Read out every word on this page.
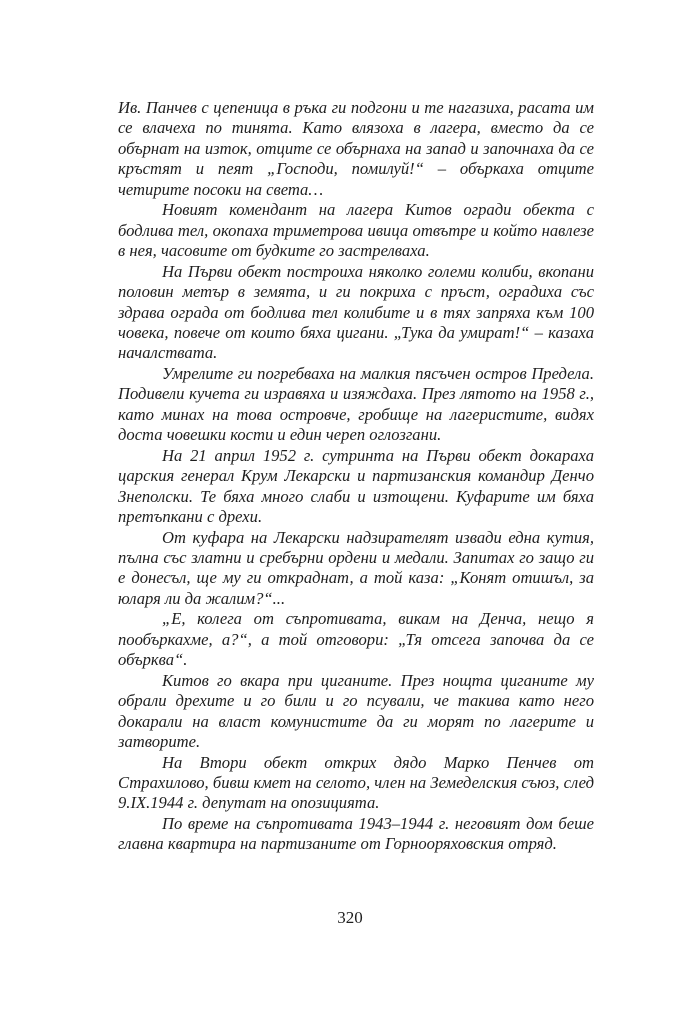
Ив. Панчев с цепеница в ръка ги подгони и те нагазиха, расата им се влачеха по тинята. Като влязоха в лагера, вместо да се обърнат на изток, отците се обърнаха на запад и започнаха да се кръстят и пеят „Господи, помилуй!“ – объркаха отците четирите посоки на света…

Новият комендант на лагера Китов огради обекта с бодлива тел, окопаха триметрова ивица отвътре и който навлезе в нея, часовите от будките го застрелваха.

На Първи обект построиха няколко големи колиби, вкопани половин метър в земята, и ги покриха с пръст, оградиха със здрава ограда от бодлива тел колибите и в тях запряха към 100 човека, повече от които бяха цигани. „Тука да умират!“ – казаха началствата.

Умрелите ги погребваха на малкия пясъчен остров Предела. Подивели кучета ги изравяха и изяждаха. През лятото на 1958 г., като минах на това островче, гробище на лагеристите, видях доста човешки кости и един череп оглозгани.

На 21 април 1952 г. сутринта на Първи обект докараха царския генерал Крум Лекарски и партизанския командир Денчо Знеполски. Те бяха много слаби и изтощени. Куфарите им бяха претъпкани с дрехи.

От куфара на Лекарски надзирателят извади една кутия, пълна със златни и сребърни ордени и медали. Запитах го защо ги е донесъл, ще му ги откраднат, а той каза: „Конят отишъл, за юларя ли да жалим?“...

„Е, колега от съпротивата, викам на Денча, нещо я пообъркахме, а?“, а той отговори: „Тя отсега започва да се обърква“.

Китов го вкара при циганите. През нощта циганите му обрали дрехите и го били и го псували, че такива като него докарали на власт комунистите да ги морят по лагерите и затворите.

На Втори обект открих дядо Марко Пенчев от Страхилово, бивш кмет на селото, член на Земеделския съюз, след 9.IX.1944 г. депутат на опозицията.

По време на съпротивата 1943–1944 г. неговият дом беше главна квартира на партизаните от Горнооряховския отряд.

320
